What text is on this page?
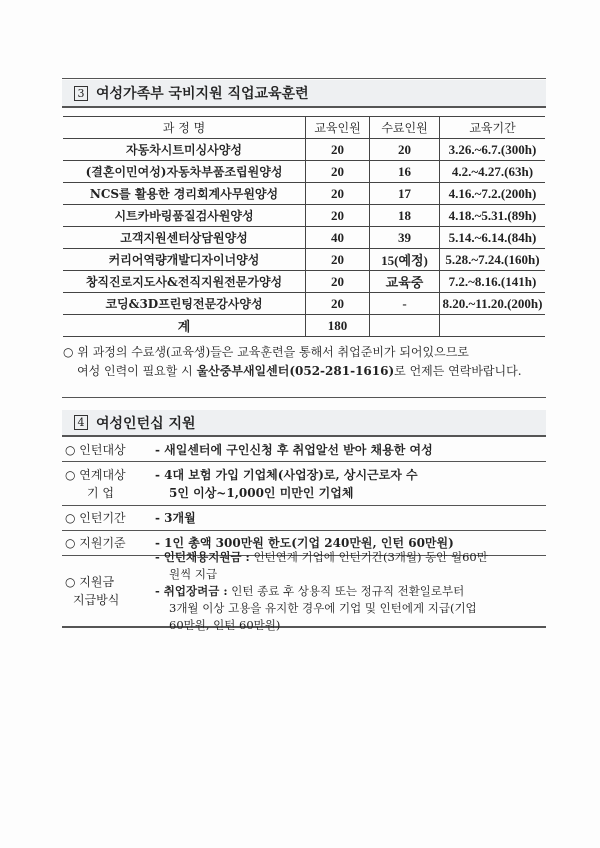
3 여성가족부 국비지원 직업교육훈련
과 정 명	교육인원	수료인원	교육기간
자동차시트미싱사양성	20	20	3.26.~6.7.(300h)
(결혼이민여성)자동차부품조립원양성	20	16	4.2.~4.27.(63h)
NCS를 활용한 경리회계사무원양성	20	17	4.16.~7.2.(200h)
시트카바링품질검사원양성	20	18	4.18.~5.31.(89h)
고객지원센터상담원양성	40	39	5.14.~6.14.(84h)
커리어역량개발디자이너양성	20	15(예정)	5.28.~7.24.(160h)
창직진로지도사&전직지원전문가양성	20	교육중	7.2.~8.16.(141h)
코딩&3D프린팅전문강사양성	20	-	8.20.~11.20.(200h)
계	180		
○ 위 과정의 수료생(교육생)들은 교육훈련을 통해서 취업준비가 되어있으므로
여성 인력이 필요할 시 울산중부새일센터(052-281-1616)로 언제든 연락바랍니다.
4 여성인턴십 지원
○ 인턴대상	- 새일센터에 구인신청 후 취업알선 받아 채용한 여성
○ 연계대상
기 업
- 4대 보험 가입 기업체(사업장)로, 상시근로자 수
5인 이상~1,000인 미만인 기업체
○ 인턴기간	- 3개월
○ 지원기준	- 1인 총액 300만원 한도(기업 240만원, 인턴 60만원)
○ 지원금
지급방식
- 인턴채용지원금 : 인턴연계 기업에 인턴기간(3개월) 동안 월60만
원씩 지급
- 취업장려금 : 인턴 종료 후 상용직 또는 정규직 전환일로부터
3개월 이상 고용을 유지한 경우에 기업 및 인턴에게 지급(기업
60만원, 인턴 60만원)
